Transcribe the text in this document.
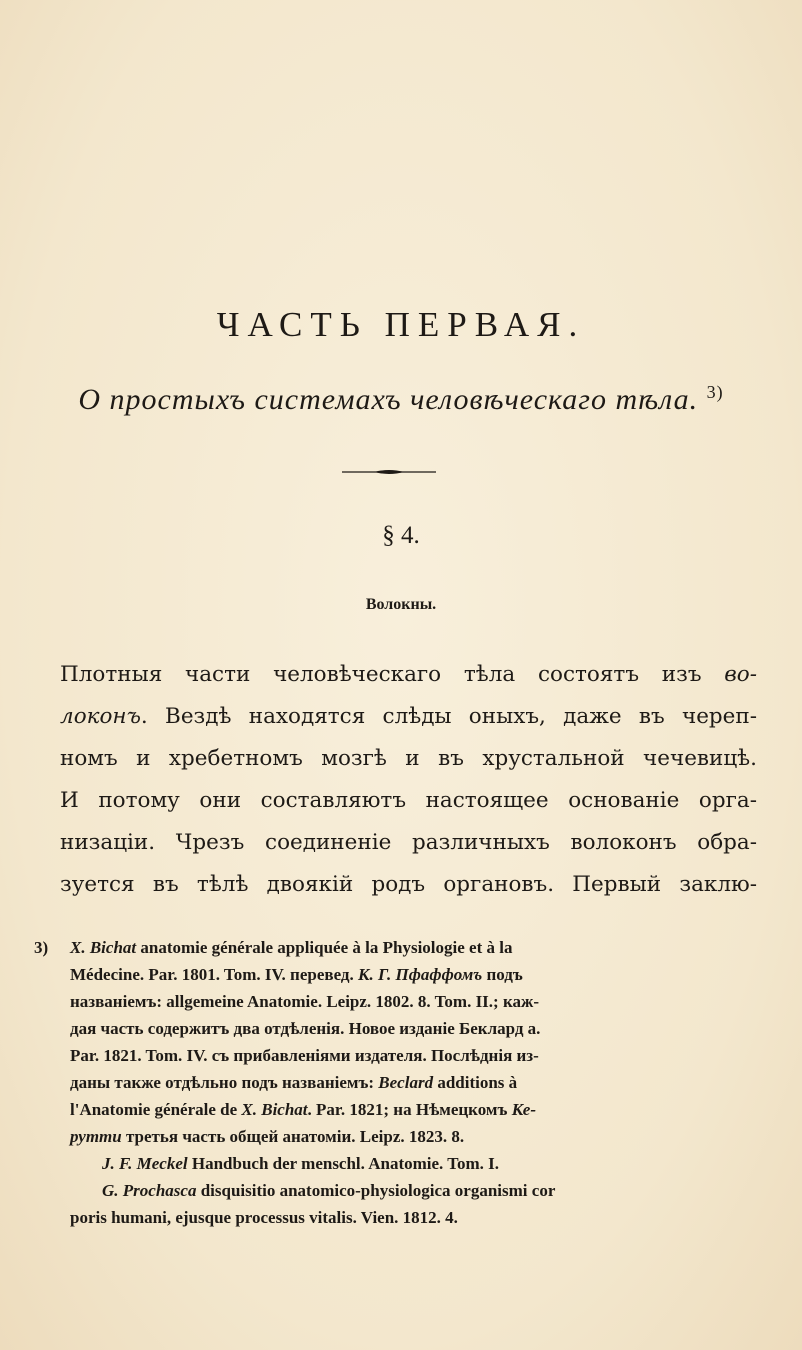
ЧАСТЬ ПЕРВАЯ.
О простыхъ системахъ человѣческаго тѣла. $^{3)}$
§ 4.
Волокны.
Плотныя части человѣческаго тѣла состоятъ изъ во-
локонъ. Вездѣ находятся слѣды оныхъ, даже въ череп-
номъ и хребетномъ мозгѣ и въ хрустальной чечевицѣ.
И потому они составляютъ настоящее основаніе орга-
низаціи. Чрезъ соединеніе различныхъ волоконъ обра-
зуется въ тѣлѣ двоякій родъ органовъ. Первый заклю-
3) X. Bichat anatomie générale appliquée à la Physiologie et à la
Médecine. Par. 1801. Tom. IV. перевед. К. Г. Пфаффомъ подъ
названіемъ: allgemeine Anatomie. Leipz. 1802. 8. Tom. II.; каж-
дая часть содержитъ два отдѣленія. Новое изданіе Беклард а.
Par. 1821. Tom. IV. съ прибавленіями издателя. Послѣднія из-
даны также отдѣльно подъ названіемъ: Beclard additions à
l'Anatomie générale de X. Bichat. Par. 1821; на Нѣмецкомъ Ке-
рутти третья часть общей анатоміи. Leipz. 1823. 8.
J. F. Meckel Handbuch der menschl. Anatomie. Tom. I.
G. Prochasca disquisitio anatomico-physiologica organismi cor
poris humani, ejusque processus vitalis. Vien. 1812. 4.
